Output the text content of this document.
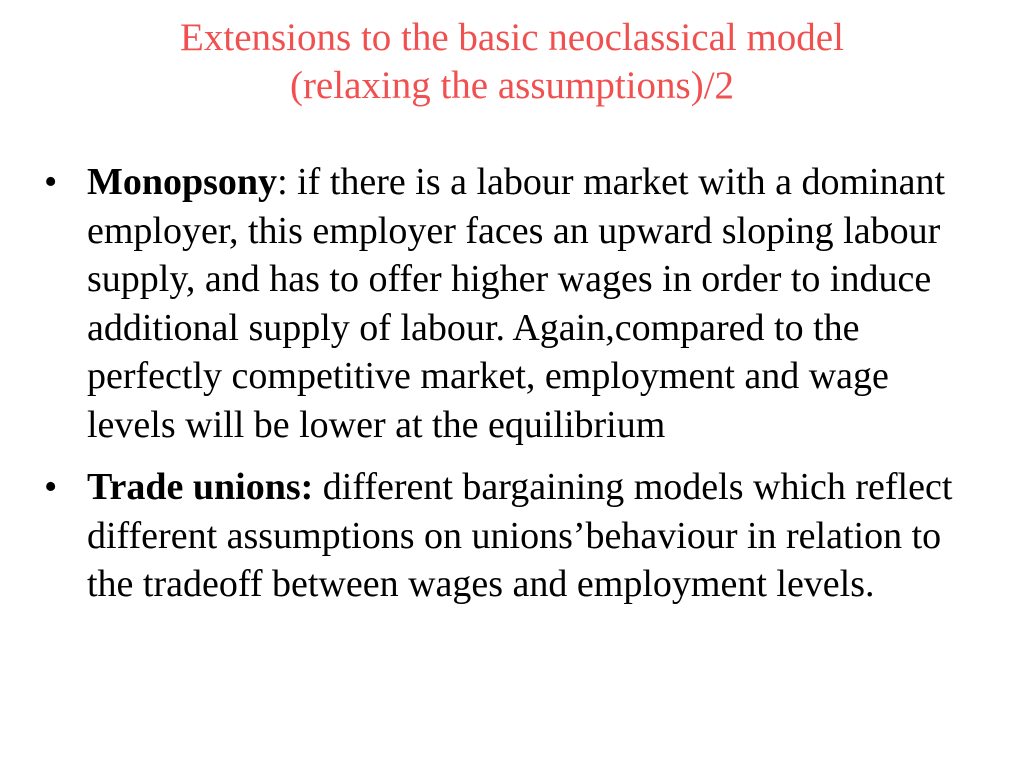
Extensions to the basic neoclassical model
(relaxing the assumptions)/2
• Monopsony: if there is a labour market with a dominant employer, this employer faces an upward sloping labour supply, and has to offer higher wages in order to induce additional supply of labour. Again,compared to the perfectly competitive market, employment and wage levels will be lower at the equilibrium
• Trade unions: different bargaining models which reflect different assumptions on unions’behaviour in relation to the tradeoff between wages and employment levels.
